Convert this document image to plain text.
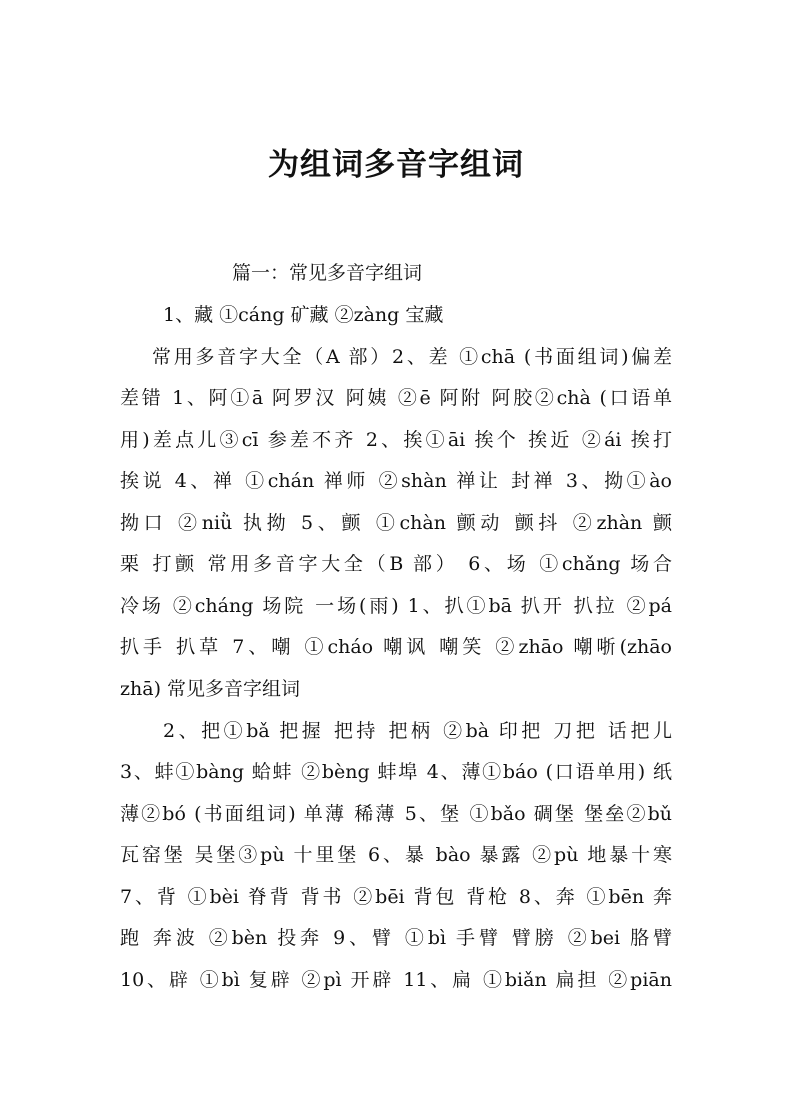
为组词多音字组词
篇一：常见多音字组词
1、藏 ①cáng 矿藏 ②zàng 宝藏
常用多音字大全（A 部）2、差 ①chā (书面组词)偏差
差错 1、阿①ā 阿罗汉 阿姨 ②ē 阿附 阿胶②chà (口语单
用)差点儿③cī 参差不齐 2、挨①āi 挨个 挨近 ②ái 挨打
挨说 4、禅 ①chán 禅师 ②shàn 禅让 封禅 3、拗①ào
拗口 ②niǜ 执拗 5、颤 ①chàn 颤动 颤抖 ②zhàn 颤
栗 打颤 常用多音字大全（B 部） 6、场 ①chǎng 场合
冷场 ②cháng 场院 一场(雨) 1、扒①bā 扒开 扒拉 ②pá
扒手 扒草 7、嘲 ①cháo 嘲讽 嘲笑 ②zhāo 嘲哳(zhāo
zhā) 常见多音字组词
2、把①bǎ 把握 把持 把柄 ②bà 印把 刀把 话把儿
3、蚌①bàng 蛤蚌 ②bèng 蚌埠 4、薄①báo (口语单用) 纸
薄②bó (书面组词) 单薄 稀薄 5、堡 ①bǎo 碉堡 堡垒②bǔ
瓦窑堡 吴堡③pù 十里堡 6、暴 bào 暴露 ②pù 地暴十寒
7、背 ①bèi 脊背 背书 ②bēi 背包 背枪 8、奔 ①bēn 奔
跑 奔波 ②bèn 投奔 9、臂 ①bì 手臂 臂膀 ②bei 胳臂
10、辟 ①bì 复辟 ②pì 开辟 11、扁 ①biǎn 扁担 ②piān
